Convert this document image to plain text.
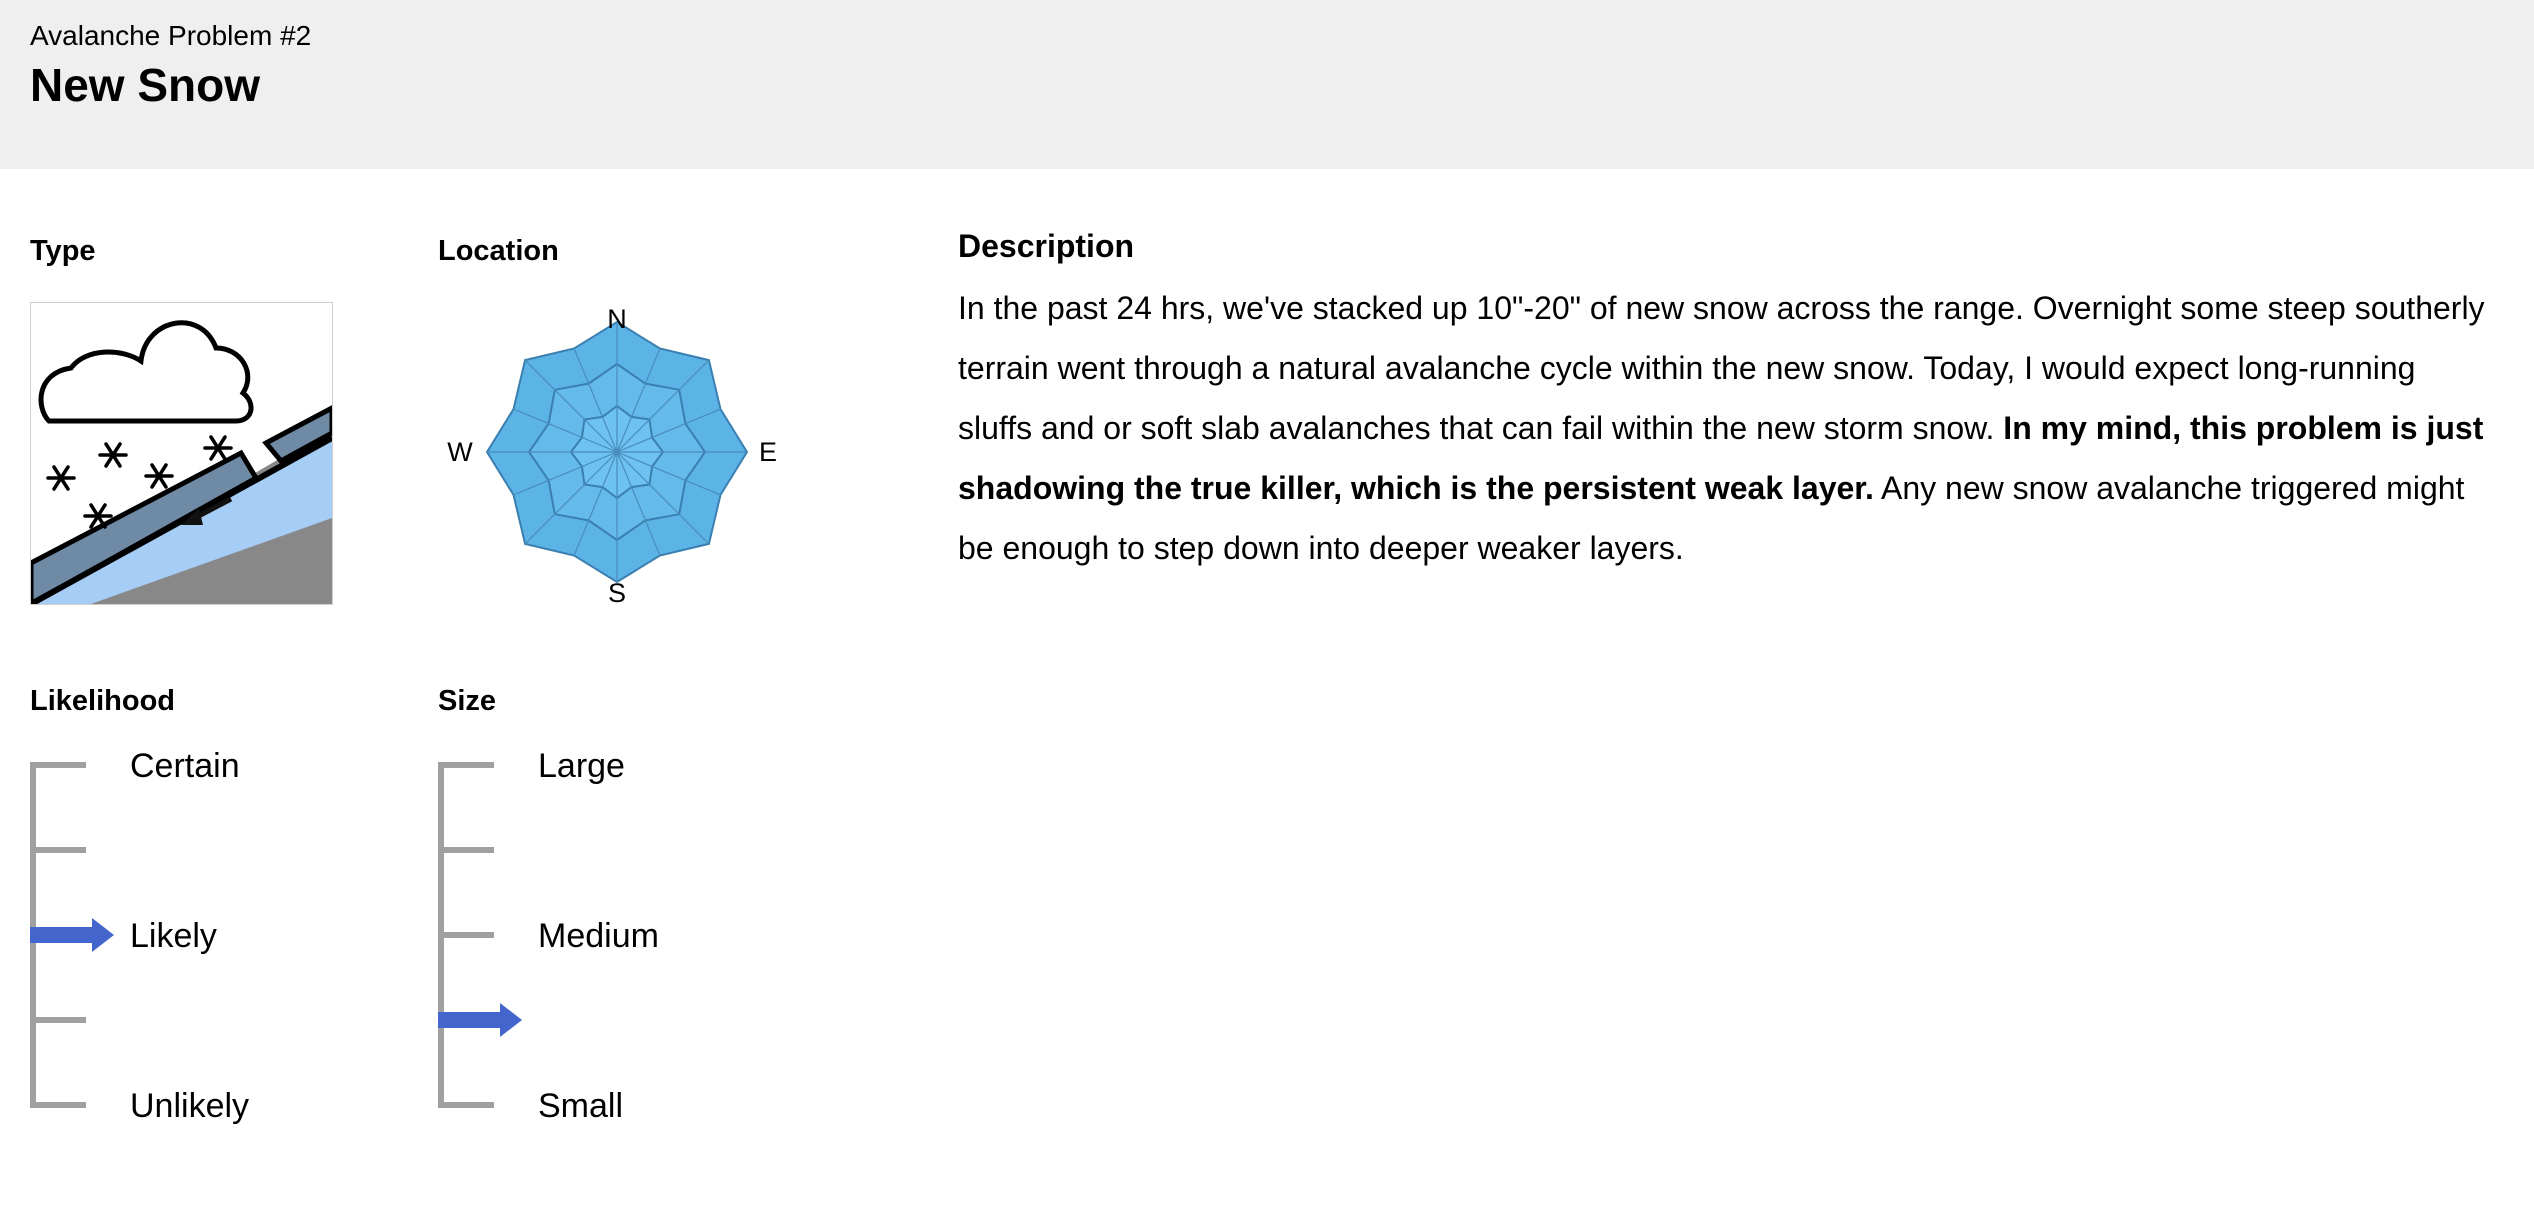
Avalanche Problem #2
New Snow
Type	Location
N
E
S
W
Description
In the past 24 hrs, we've stacked up 10"-20" of new snow across the range. Overnight some steep southerly terrain went through a natural avalanche cycle within the new snow. Today, I would expect long-running sluffs and or soft slab avalanches that can fail within the new storm snow. In my mind, this problem is just shadowing the true killer, which is the persistent weak layer. Any new snow avalanche triggered might be enough to step down into deeper weaker layers.
Likelihood
Certain
Likely
Unlikely
Size
Large
Medium
Small
